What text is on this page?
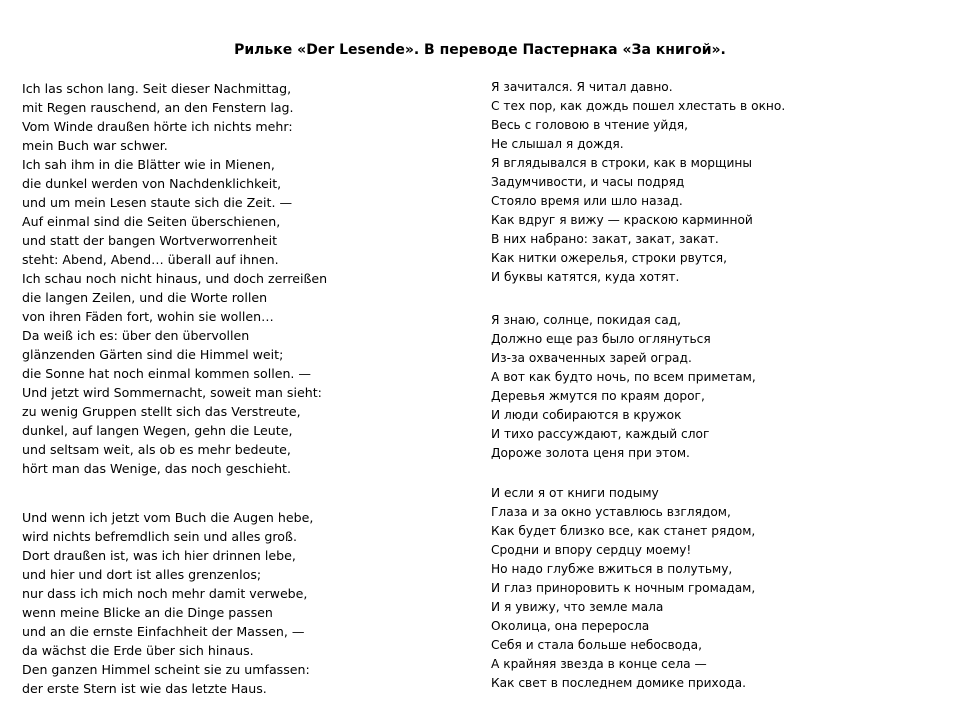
Рильке «Der Lesende». В переводе Пастернака «За книгой».
Ich las schon lang. Seit dieser Nachmittag,
mit Regen rauschend, an den Fenstern lag.
Vom Winde draußen hörte ich nichts mehr:
mein Buch war schwer.
Ich sah ihm in die Blätter wie in Mienen,
die dunkel werden von Nachdenklichkeit,
und um mein Lesen staute sich die Zeit. —
Auf einmal sind die Seiten überschienen,
und statt der bangen Wortverworrenheit
steht: Abend, Abend… überall auf ihnen.
Ich schau noch nicht hinaus, und doch zerreißen
die langen Zeilen, und die Worte rollen
von ihren Fäden fort, wohin sie wollen…
Da weiß ich es: über den übervollen
glänzenden Gärten sind die Himmel weit;
die Sonne hat noch einmal kommen sollen. —
Und jetzt wird Sommernacht, soweit man sieht:
zu wenig Gruppen stellt sich das Verstreute,
dunkel, auf langen Wegen, gehn die Leute,
und seltsam weit, als ob es mehr bedeute,
hört man das Wenige, das noch geschieht.
Und wenn ich jetzt vom Buch die Augen hebe,
wird nichts befremdlich sein und alles groß.
Dort draußen ist, was ich hier drinnen lebe,
und hier und dort ist alles grenzenlos;
nur dass ich mich noch mehr damit verwebe,
wenn meine Blicke an die Dinge passen
und an die ernste Einfachheit der Massen, —
da wächst die Erde über sich hinaus.
Den ganzen Himmel scheint sie zu umfassen:
der erste Stern ist wie das letzte Haus.
Я зачитался. Я читал давно.
С тех пор, как дождь пошел хлестать в окно.
Весь с головою в чтение уйдя,
Не слышал я дождя.
Я вглядывался в строки, как в морщины
Задумчивости, и часы подряд
Стояло время или шло назад.
Как вдруг я вижу — краскою карминной
В них набрано: закат, закат, закат.
Как нитки ожерелья, строки рвутся,
И буквы катятся, куда хотят.
Я знаю, солнце, покидая сад,
Должно еще раз было оглянуться
Из-за охваченных зарей оград.
А вот как будто ночь, по всем приметам,
Деревья жмутся по краям дорог,
И люди собираются в кружок
И тихо рассуждают, каждый слог
Дороже золота ценя при этом.
И если я от книги подыму
Глаза и за окно уставлюсь взглядом,
Как будет близко все, как станет рядом,
Сродни и впору сердцу моему!
Но надо глубже вжиться в полутьму,
И глаз приноровить к ночным громадам,
И я увижу, что земле мала
Околица, она переросла
Себя и стала больше небосвода,
А крайняя звезда в конце села —
Как свет в последнем домике прихода.
